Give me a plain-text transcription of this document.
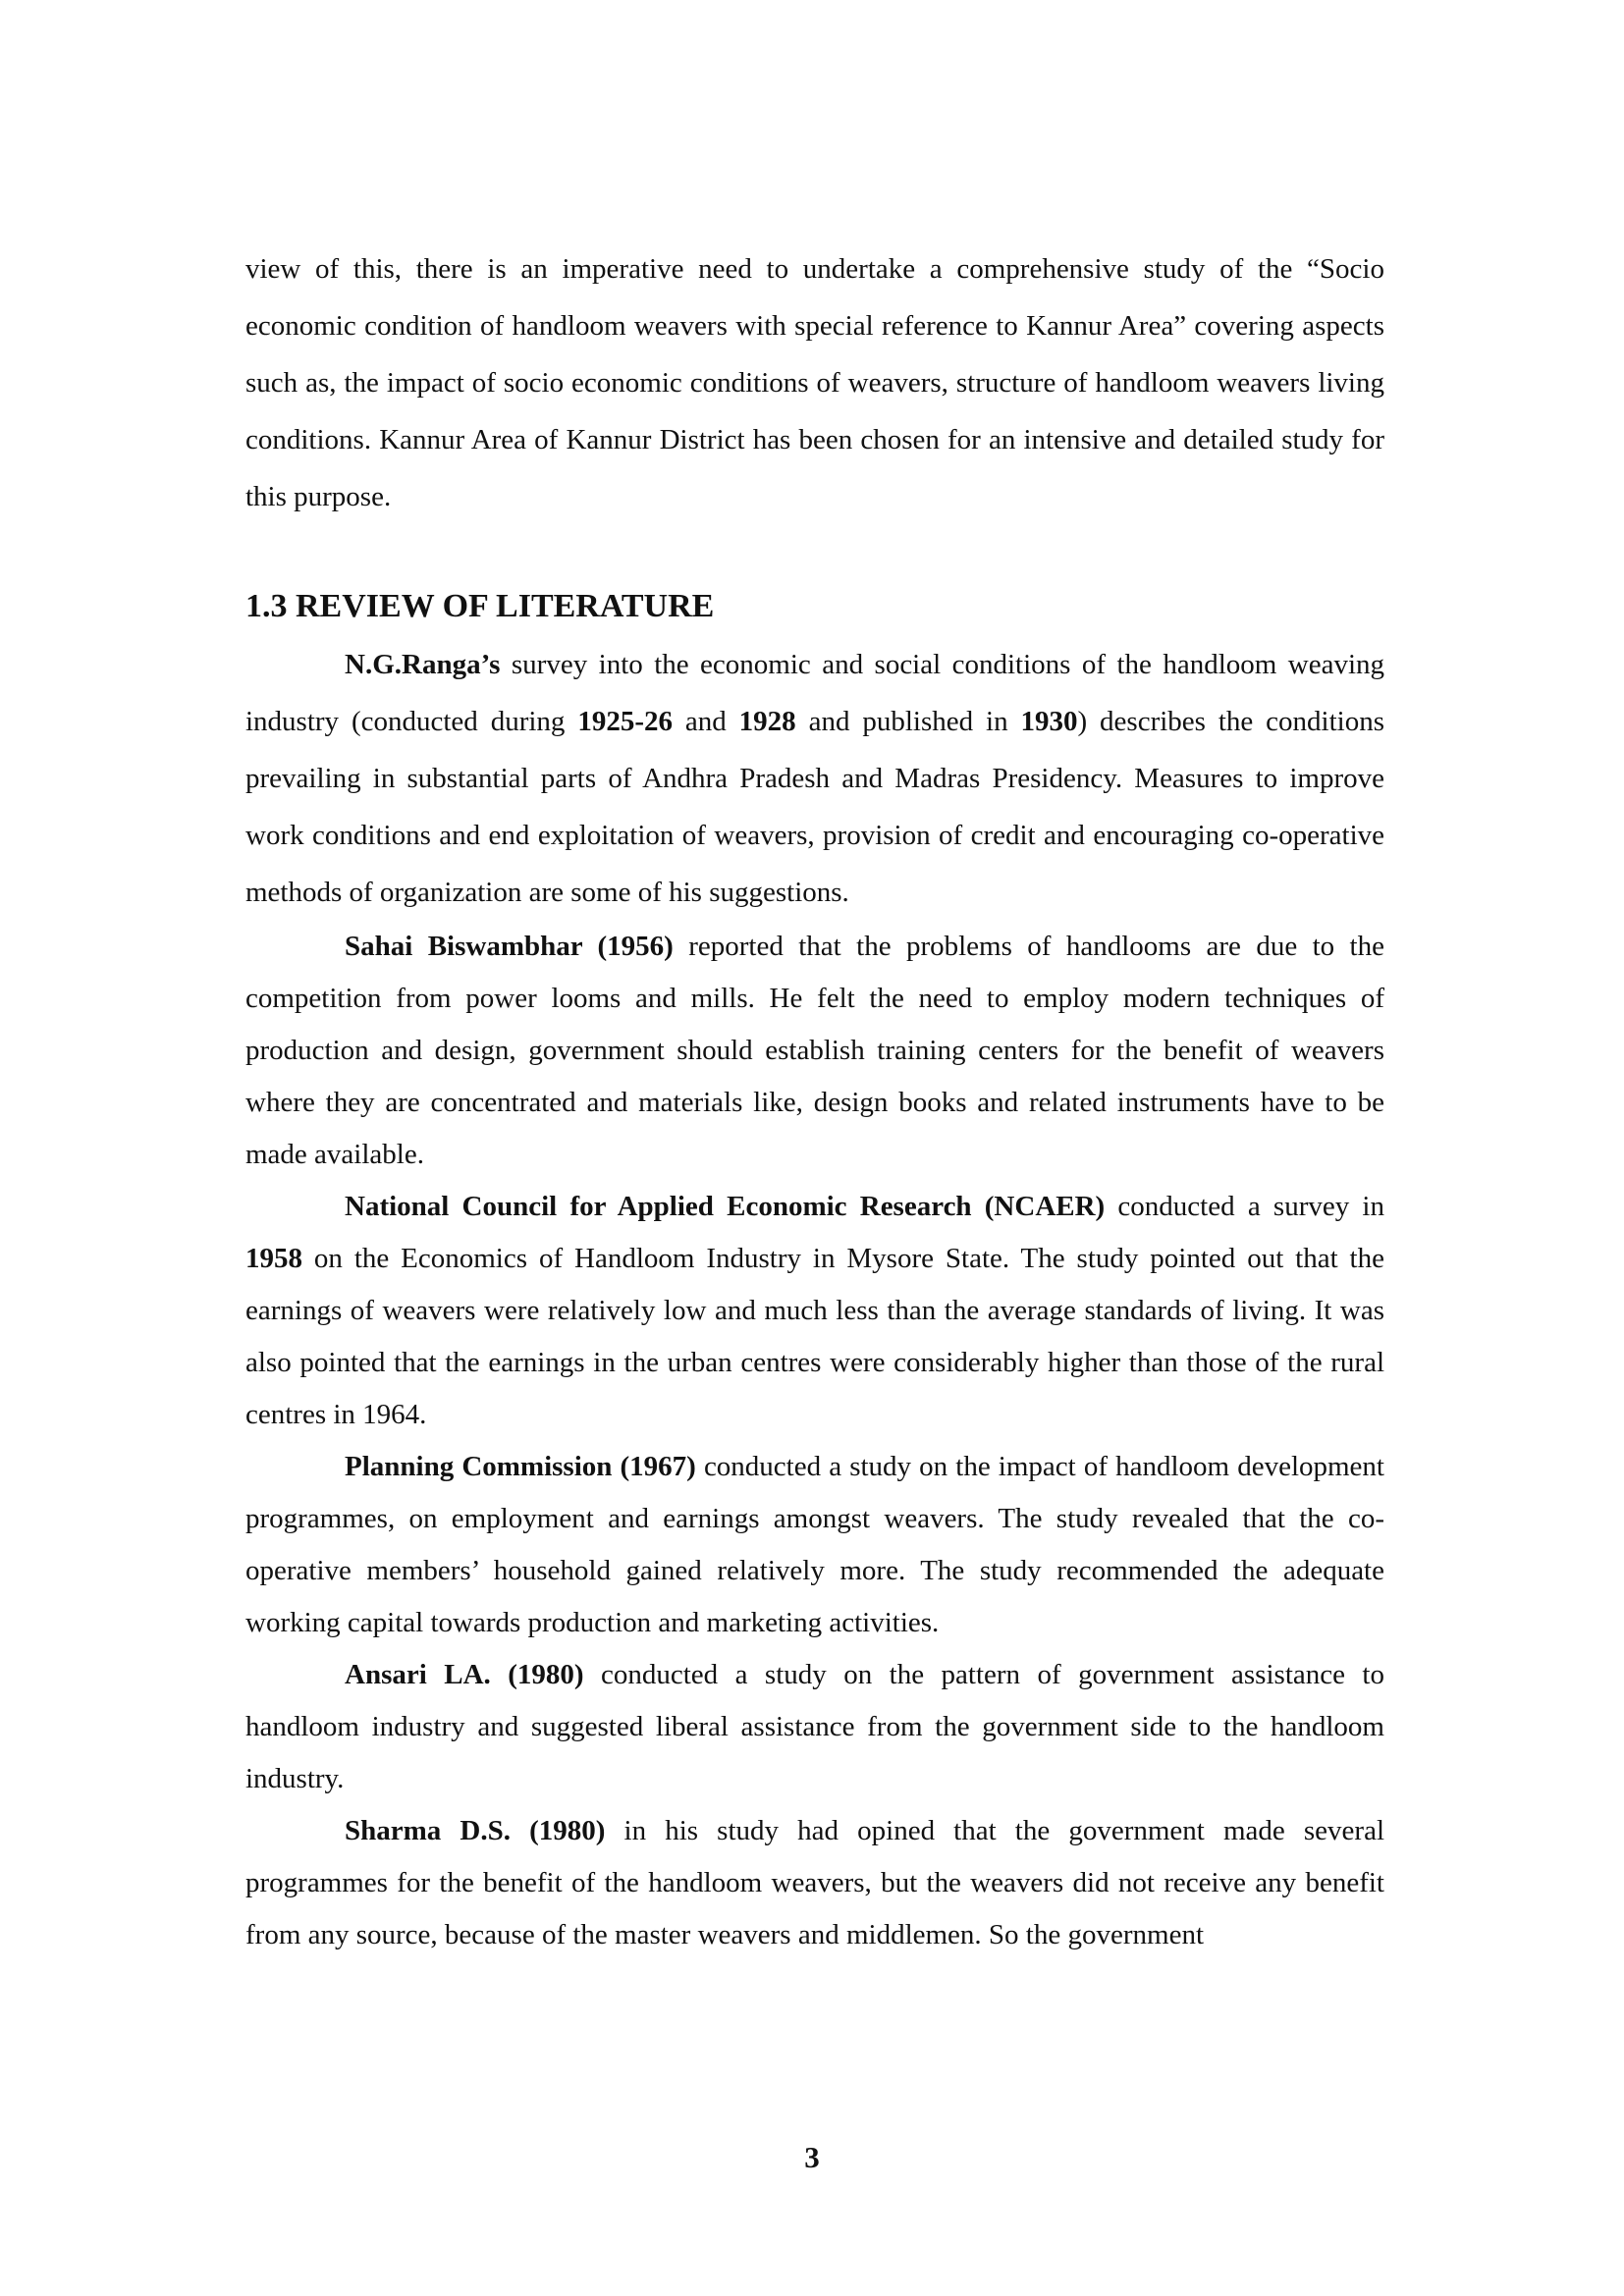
view of this, there is an imperative need to undertake a comprehensive study of the “Socio economic condition of handloom weavers with special reference to Kannur Area” covering aspects such as, the impact of socio economic conditions of weavers, structure of handloom weavers living conditions. Kannur Area of Kannur District has been chosen for an intensive and detailed study for this purpose.

1.3 REVIEW OF LITERATURE

N.G.Ranga’s survey into the economic and social conditions of the handloom weaving industry (conducted during 1925-26 and 1928 and published in 1930) describes the conditions prevailing in substantial parts of Andhra Pradesh and Madras Presidency. Measures to improve work conditions and end exploitation of weavers, provision of credit and encouraging co-operative methods of organization are some of his suggestions.

Sahai Biswambhar (1956) reported that the problems of handlooms are due to the competition from power looms and mills. He felt the need to employ modern techniques of production and design, government should establish training centers for the benefit of weavers where they are concentrated and materials like, design books and related instruments have to be made available.

National Council for Applied Economic Research (NCAER) conducted a survey in 1958 on the Economics of Handloom Industry in Mysore State. The study pointed out that the earnings of weavers were relatively low and much less than the average standards of living. It was also pointed that the earnings in the urban centres were considerably higher than those of the rural centres in 1964.

Planning Commission (1967) conducted a study on the impact of handloom development programmes, on employment and earnings amongst weavers. The study revealed that the co-operative members’ household gained relatively more. The study recommended the adequate working capital towards production and marketing activities.

Ansari LA. (1980) conducted a study on the pattern of government assistance to handloom industry and suggested liberal assistance from the government side to the handloom industry.

Sharma D.S. (1980) in his study had opined that the government made several programmes for the benefit of the handloom weavers, but the weavers did not receive any benefit from any source, because of the master weavers and middlemen. So the government

3
